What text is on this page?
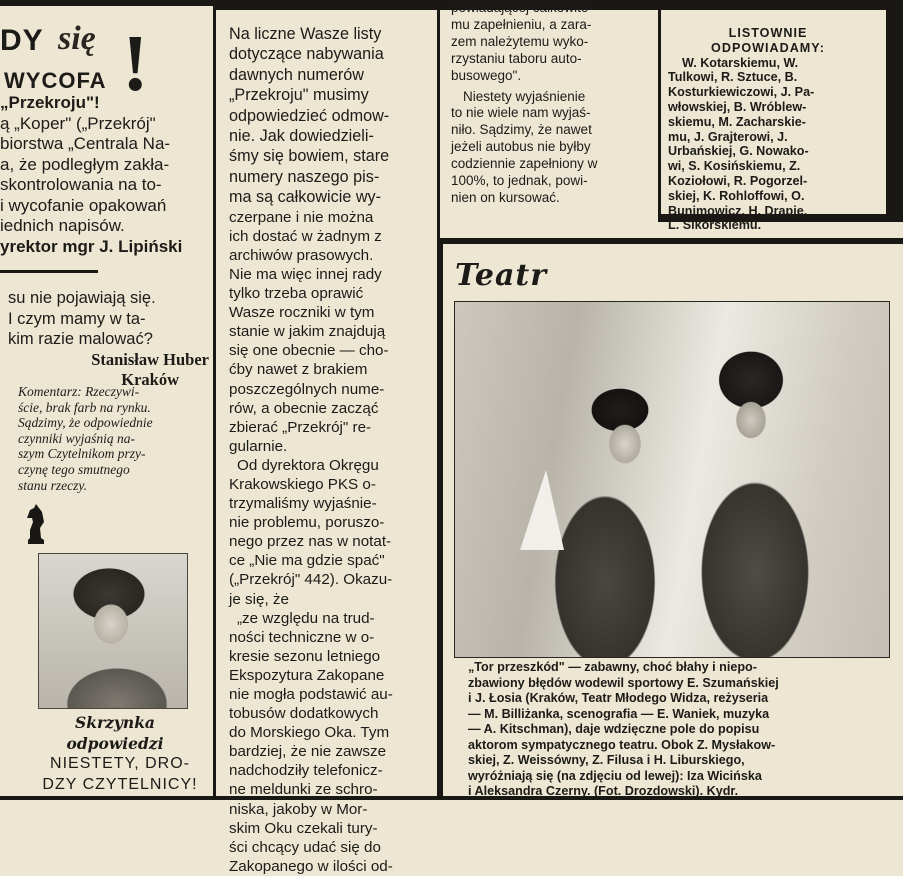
DY się
WYCOFA !
„Przekroju"!
ą „Koper" („Przekrój"
biorstwa „Centrala Na-
a, że podległym zakła-
skontrolowania na to-
i wycofanie opakowań
iednich napisów.
yrektor mgr J. Lipiński
su nie pojawiają się.
I czym mamy w ta-
kim razie malować?
Stanisław Huber
Kraków
Komentarz: Rzeczywi-
ście, brak farb na rynku.
Sądzimy, że odpowiednie
czynniki wyjaśnią na-
szym Czytelnikom przy-
czynę tego smutnego
stanu rzeczy.
Skrzynka
odpowiedzi
NIESTETY, DRO-
DZY CZYTELNICY!
Na liczne Wasze listy
dotyczące nabywania
dawnych numerów
„Przekroju" musimy
odpowiedzieć odmow-
nie. Jak dowiedzieli-
śmy się bowiem, stare
numery naszego pis-
ma są całkowicie wy-
czerpane i nie można
ich dostać w żadnym z
archiwów prasowych.
Nie ma więc innej rady
tylko trzeba oprawić
Wasze roczniki w tym
stanie w jakim znajdują
się one obecnie — cho-
ćby nawet z brakiem
poszczególnych nume-
rów, a obecnie zacząć
zbierać „Przekrój" re-
gularnie.
Od dyrektora Okręgu
Krakowskiego PKS o-
trzymaliśmy wyjaśnie-
nie problemu, poruszo-
nego przez nas w notat-
ce „Nie ma gdzie spać"
(„Przekrój" 442). Okazu-
je się, że
„ze względu na trud-
ności techniczne w o-
kresie sezonu letniego
Ekspozytura Zakopane
nie mogła podstawić au-
tobusów dodatkowych
do Morskiego Oka. Tym
bardziej, że nie zawsze
nadchodziły telefonicz-
ne meldunki ze schro-
niska, jakoby w Mor-
skim Oku czekali tury-
ści chcący udać się do
Zakopanego w ilości od-
powiadającej całkowite-
mu zapełnieniu, a zara-
zem należytemu wyko-
rzystaniu taboru auto-
busowego".
Niestety wyjaśnienie
to nie wiele nam wyjaś-
niło. Sądzimy, że nawet
jeżeli autobus nie byłby
codziennie zapełniony w
100%, to jednak, powi-
nien on kursować.
LISTOWNIE
ODPOWIADAMY:
W. Kotarskiemu, W.
Tulkowi, R. Sztuce, B.
Kosturkiewiczowi, J. Pa-
włowskiej, B. Wróblew-
skiemu, M. Zacharskie-
mu, J. Grajterowi, J.
Urbańskiej, G. Nowako-
wi, S. Kosińskiemu, Z.
Koziołowi, R. Pogorzel-
skiej, K. Rohloffowi, O.
Bunimowicz, H. Drapie,
L. Sikorskiemu.
Teatr
„Tor przeszkód" — zabawny, choć błahy i niepo-
zbawiony błędów wodewil sportowy E. Szumańskiej
i J. Łosia (Kraków, Teatr Młodego Widza, reżyseria
— M. Billiżanka, scenografia — E. Waniek, muzyka
— A. Kitschman), daje wdzięczne pole do popisu
aktorom sympatycznego teatru. Obok Z. Mysłakow-
skiej, Z. Weissówny, Z. Filusa i H. Liburskiego,
wyróżniają się (na zdjęciu od lewej): Iza Wicińska
i Aleksandra Czerny. (Fot. Drozdowski). Kydr.
